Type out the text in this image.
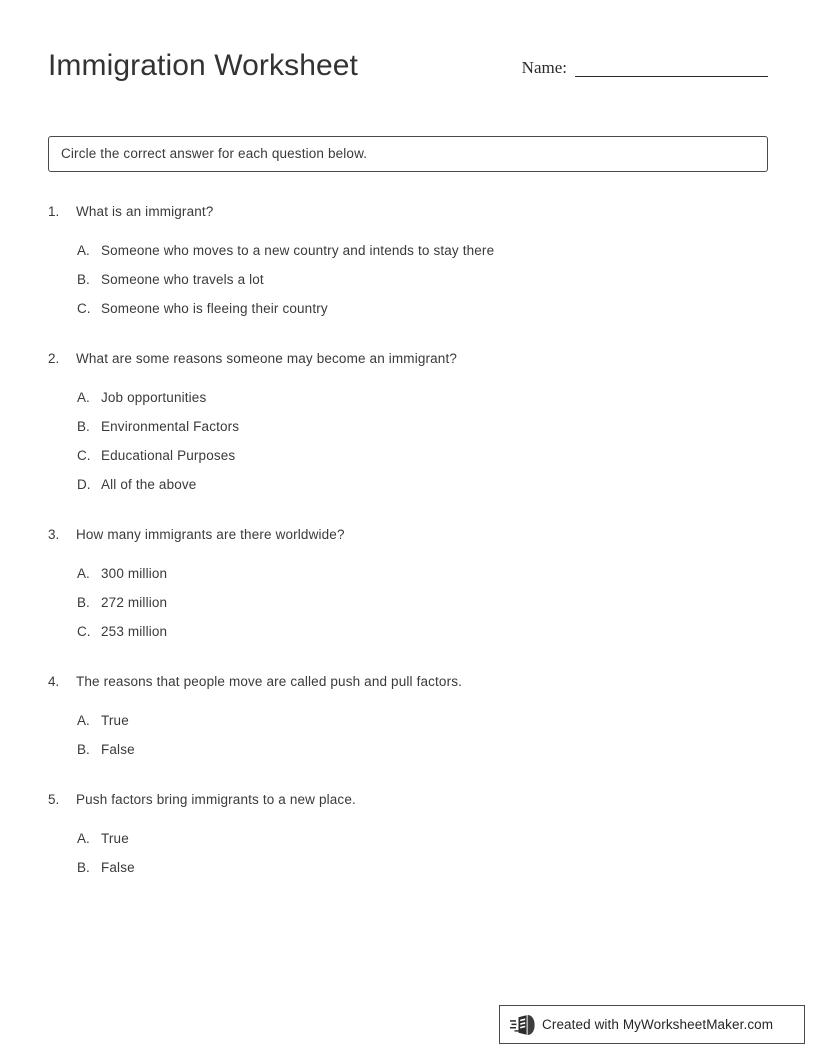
Immigration Worksheet	Name:
Circle the correct answer for each question below.
1.	What is an immigrant?
A. Someone who moves to a new country and intends to stay there
B. Someone who travels a lot
C. Someone who is fleeing their country
2.	What are some reasons someone may become an immigrant?
A. Job opportunities
B. Environmental Factors
C. Educational Purposes
D. All of the above
3.	How many immigrants are there worldwide?
A. 300 million
B. 272 million
C. 253 million
4.	The reasons that people move are called push and pull factors.
A. True
B. False
5.	Push factors bring immigrants to a new place.
A. True
B. False
Created with MyWorksheetMaker.com
